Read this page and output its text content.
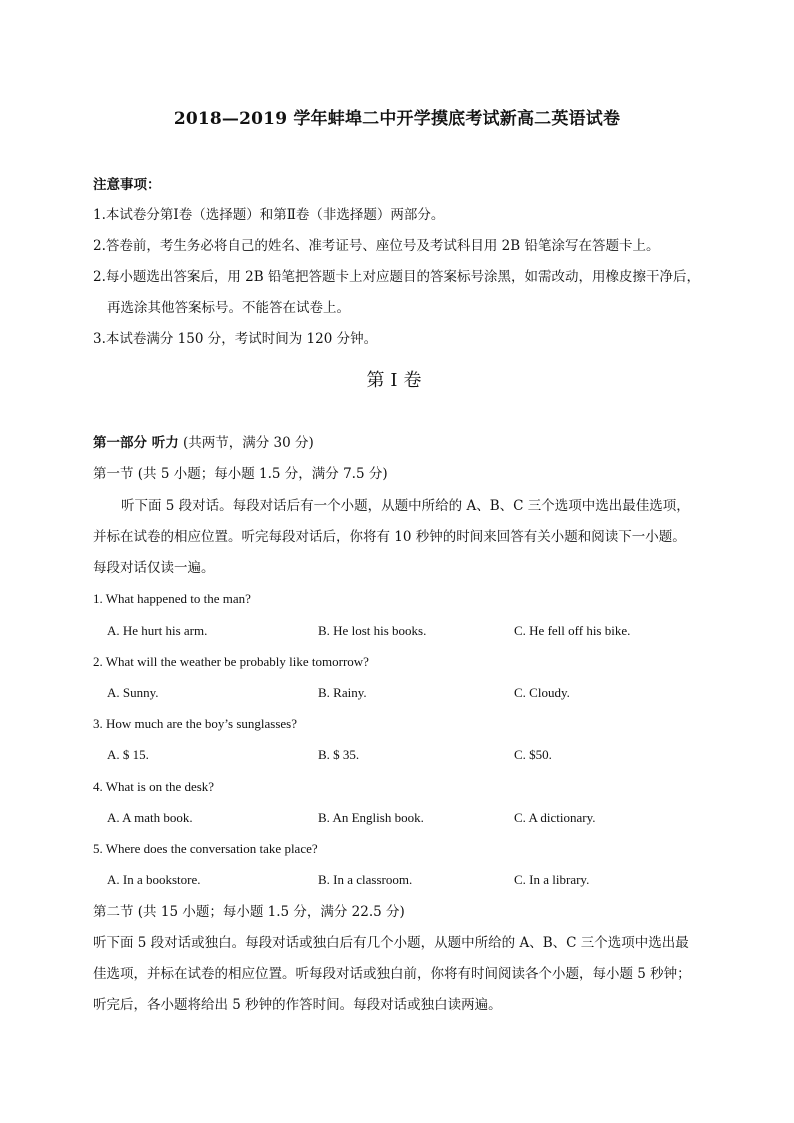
2018—2019 学年蚌埠二中开学摸底考试新高二英语试卷
注意事项：
1.本试卷分第Ⅰ卷（选择题）和第Ⅱ卷（非选择题）两部分。
2.答卷前，考生务必将自己的姓名、准考证号、座位号及考试科目用 2B 铅笔涂写在答题卡上。
2.每小题选出答案后，用 2B 铅笔把答题卡上对应题目的答案标号涂黑，如需改动，用橡皮擦干净后，
再选涂其他答案标号。不能答在试卷上。
3.本试卷满分 150 分，考试时间为 120 分钟。
第Ⅰ卷
第一部分 听力 (共两节，满分 30 分)
第一节 (共 5 小题；每小题 1.5 分，满分 7.5 分)
听下面 5 段对话。每段对话后有一个小题，从题中所给的 A、B、C 三个选项中选出最佳选项，
并标在试卷的相应位置。听完每段对话后，你将有 10 秒钟的时间来回答有关小题和阅读下一小题。
每段对话仅读一遍。
1. What happened to the man?
A. He hurt his arm.	B. He lost his books.	C. He fell off his bike.
2. What will the weather be probably like tomorrow?
A. Sunny.	B. Rainy.	C. Cloudy.
3. How much are the boy’s sunglasses?
A. $ 15.	B. $ 35.	C. $50.
4. What is on the desk?
A. A math book.	B. An English book.	C. A dictionary.
5. Where does the conversation take place?
A. In a bookstore.	B. In a classroom.	C. In a library.
第二节 (共 15 小题；每小题 1.5 分，满分 22.5 分)
听下面 5 段对话或独白。每段对话或独白后有几个小题，从题中所给的 A、B、C 三个选项中选出最
佳选项，并标在试卷的相应位置。听每段对话或独白前，你将有时间阅读各个小题，每小题 5 秒钟；
听完后，各小题将给出 5 秒钟的作答时间。每段对话或独白读两遍。
